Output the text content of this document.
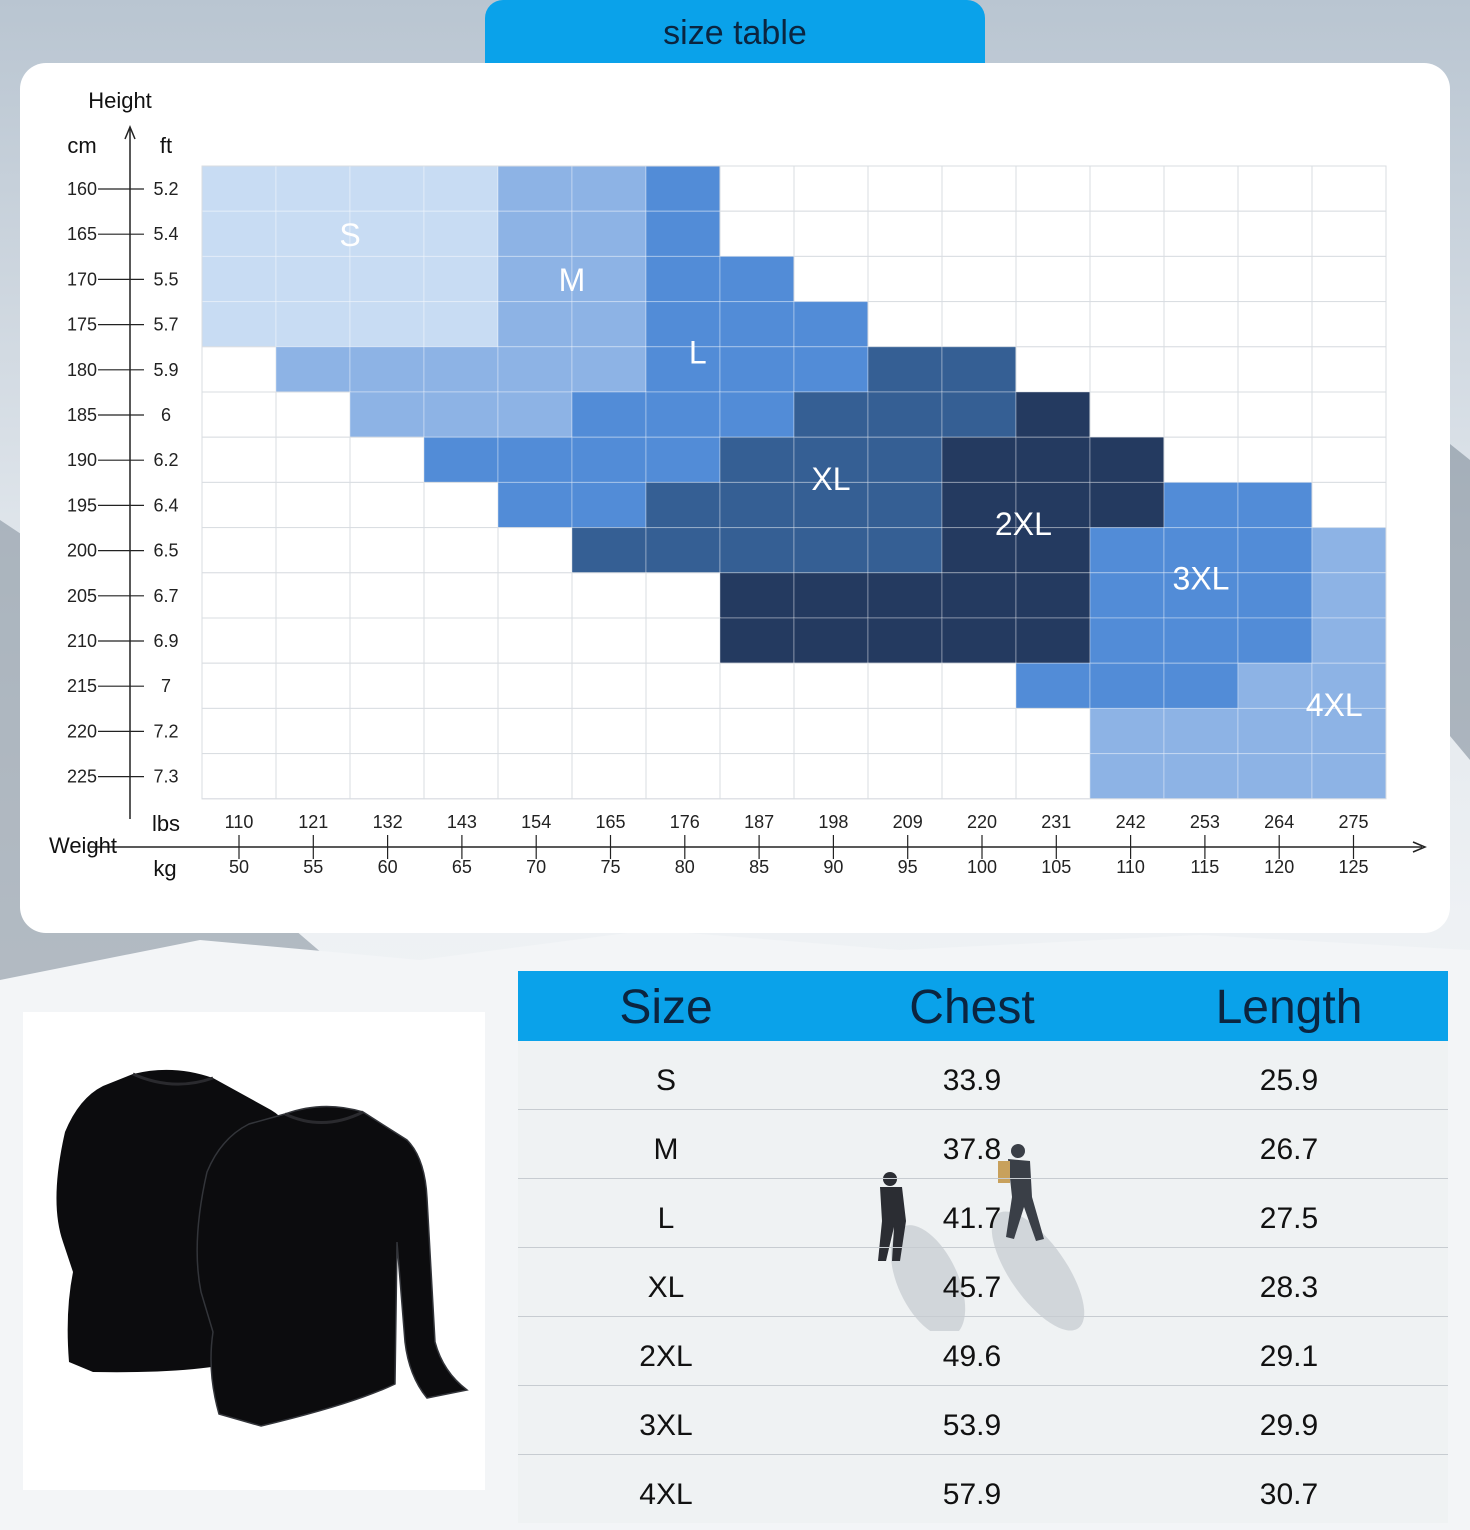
size table
S
M
L
XL
2XL
3XL
4XL
Height
cm	ft
160	5.2
165	5.4
170	5.5
175	5.7
180	5.9
185	6
190	6.2
195	6.4
200	6.5
205	6.7
210	6.9
215	7
220	7.2
225	7.3
Weight
lbs
kg
110
50
121
55
132
60
143
65
154
70
165
75
176
80
187
85
198
90
209
95
220
100
231
105
242
110
253
115
264
120
275
125
Size	Chest	Length
S	33.9	25.9
M	37.8	26.7
L	41.7	27.5
XL	45.7	28.3
2XL	49.6	29.1
3XL	53.9	29.9
4XL	57.9	30.7
